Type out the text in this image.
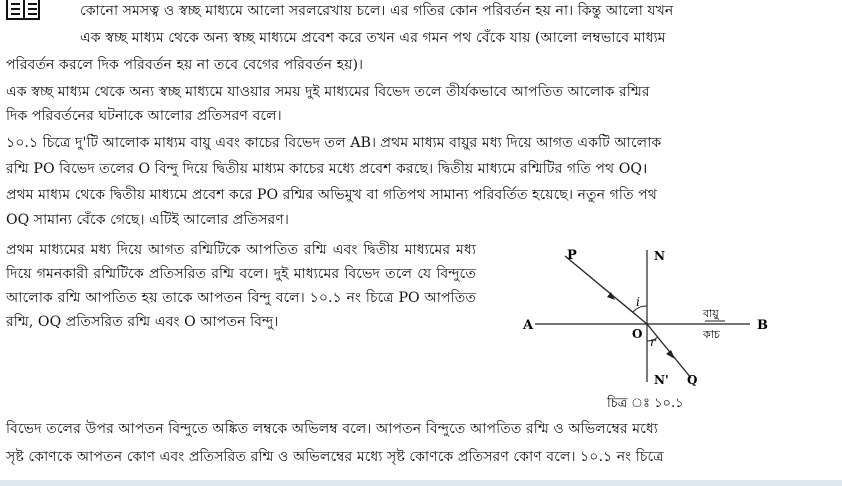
কোনো সমসত্ব ও স্বচ্ছ মাধ্যমে আলো সরলরেখায় চলে। এর গতির কোন পরিবর্তন হয় না। কিন্তু আলো যখন
এক স্বচ্ছ মাধ্যম থেকে অন্য স্বচ্ছ মাধ্যমে প্রবেশ করে তখন এর গমন পথ বেঁকে যায় (আলো লম্বভাবে মাধ্যম
পরিবর্তন করলে দিক পরিবর্তন হয় না তবে বেগের পরিবর্তন হয়)।
এক স্বচ্ছ মাধ্যম থেকে অন্য স্বচ্ছ মাধ্যমে যাওয়ার সময় দুই মাধ্যমের বিভেদ তলে তীর্যকভাবে আপতিত আলোক রশ্মির
দিক পরিবর্তনের ঘটনাকে আলোর প্রতিসরণ বলে।
১০.১ চিত্রে দু'টি আলোক মাধ্যম বায়ু এবং কাচের বিভেদ তল AB। প্রথম মাধ্যম বায়ুর মধ্য দিয়ে আগত একটি আলোক
রশ্মি PO বিভেদ তলের O বিন্দু দিয়ে দ্বিতীয় মাধ্যম কাচের মধ্যে প্রবেশ করছে। দ্বিতীয় মাধ্যমে রশ্মিটির গতি পথ OQ।
প্রথম মাধ্যম থেকে দ্বিতীয় মাধ্যমে প্রবেশ করে PO রশ্মির অভিমুখ বা গতিপথ সামান্য পরিবর্তিত হয়েছে। নতুন গতি পথ
OQ সামান্য বেঁকে গেছে। এটিই আলোর প্রতিসরণ।
প্রথম মাধ্যমের মধ্য দিয়ে আগত রশ্মিটিকে আপতিত রশ্মি এবং দ্বিতীয় মাধ্যমের মধ্য দিয়ে গমনকারী রশ্মিটিকে প্রতিসরিত রশ্মি বলে। দুই মাধ্যমের বিভেদ তলে যে বিন্দুতে আলোক রশ্মি আপতিত হয় তাকে আপতন বিন্দু বলে। ১০.১ নং চিত্রে PO আপতিত রশ্মি, OQ প্রতিসরিত রশ্মি এবং O আপতন বিন্দু।
P	N
A	B
O
i
r
বায়ু
কাচ
N' Q
চিত্র ঃ ১০.১
বিভেদ তলের উপর আপতন বিন্দুতে অঙ্কিত লম্বকে অভিলম্ব বলে। আপতন বিন্দুতে আপতিত রশ্মি ও অভিলম্বের মধ্যে
সৃষ্ট কোণকে আপতন কোণ এবং প্রতিসরিত রশ্মি ও অভিলম্বের মধ্যে সৃষ্ট কোণকে প্রতিসরণ কোণ বলে। ১০.১ নং চিত্রে
